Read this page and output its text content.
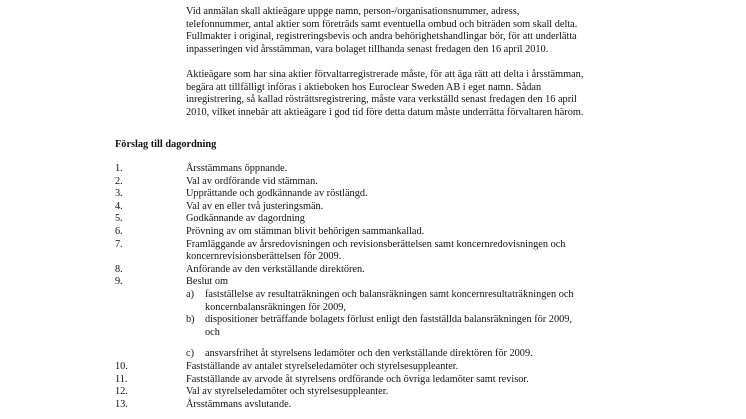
Vid anmälan skall aktieägare uppge namn, person-/organisationsnummer, adress,
telefonnummer, antal aktier som företräds samt eventuella ombud och biträden som skall delta.
Fullmakter i original, registreringsbevis och andra behörighetshandlingar bör, för att underlätta
inpasseringen vid årsstämman, vara bolaget tillhanda senast fredagen den 16 april 2010.
Aktieägare som har sina aktier förvaltarregistrerade måste, för att äga rätt att delta i årsstämman,
begära att tillfälligt införas i aktieboken hos Euroclear Sweden AB i eget namn. Sådan
inregistrering, så kallad rösträttsregistrering, måste vara verkställd senast fredagen den 16 april
2010, vilket innebär att aktieägare i god tid före detta datum måste underrätta förvaltaren härom.

Förslag till dagordning

1.	Årsstämmans öppnande.
2.	Val av ordförande vid stämman.
3.	Upprättande och godkännande av röstlängd.
4.	Val av en eller två justeringsmän.
5.	Godkännande av dagordning
6.	Prövning av om stämman blivit behörigen sammankallad.
7.	Framläggande av årsredovisningen och revisionsberättelsen samt koncernredovisningen och
koncernrevisionsberättelsen för 2009.
8.	Anförande av den verkställande direktören.
9.	Beslut om
a)	fastställelse av resultaträkningen och balansräkningen samt koncernresultaträkningen och
koncernbalansräkningen för 2009,
b)	dispositioner beträffande bolagets förlust enligt den fastställda balansräkningen för 2009,
och
c)	ansvarsfrihet åt styrelsens ledamöter och den verkställande direktören för 2009.
10.	Fastställande av antalet styrelseledamöter och styrelsesuppleanter.
11.	Fastställande av arvode åt styrelsens ordförande och övriga ledamöter samt revisor.
12.	Val av styrelseledamöter och styrelsesuppleanter.
13.	Årsstämmans avslutande.
